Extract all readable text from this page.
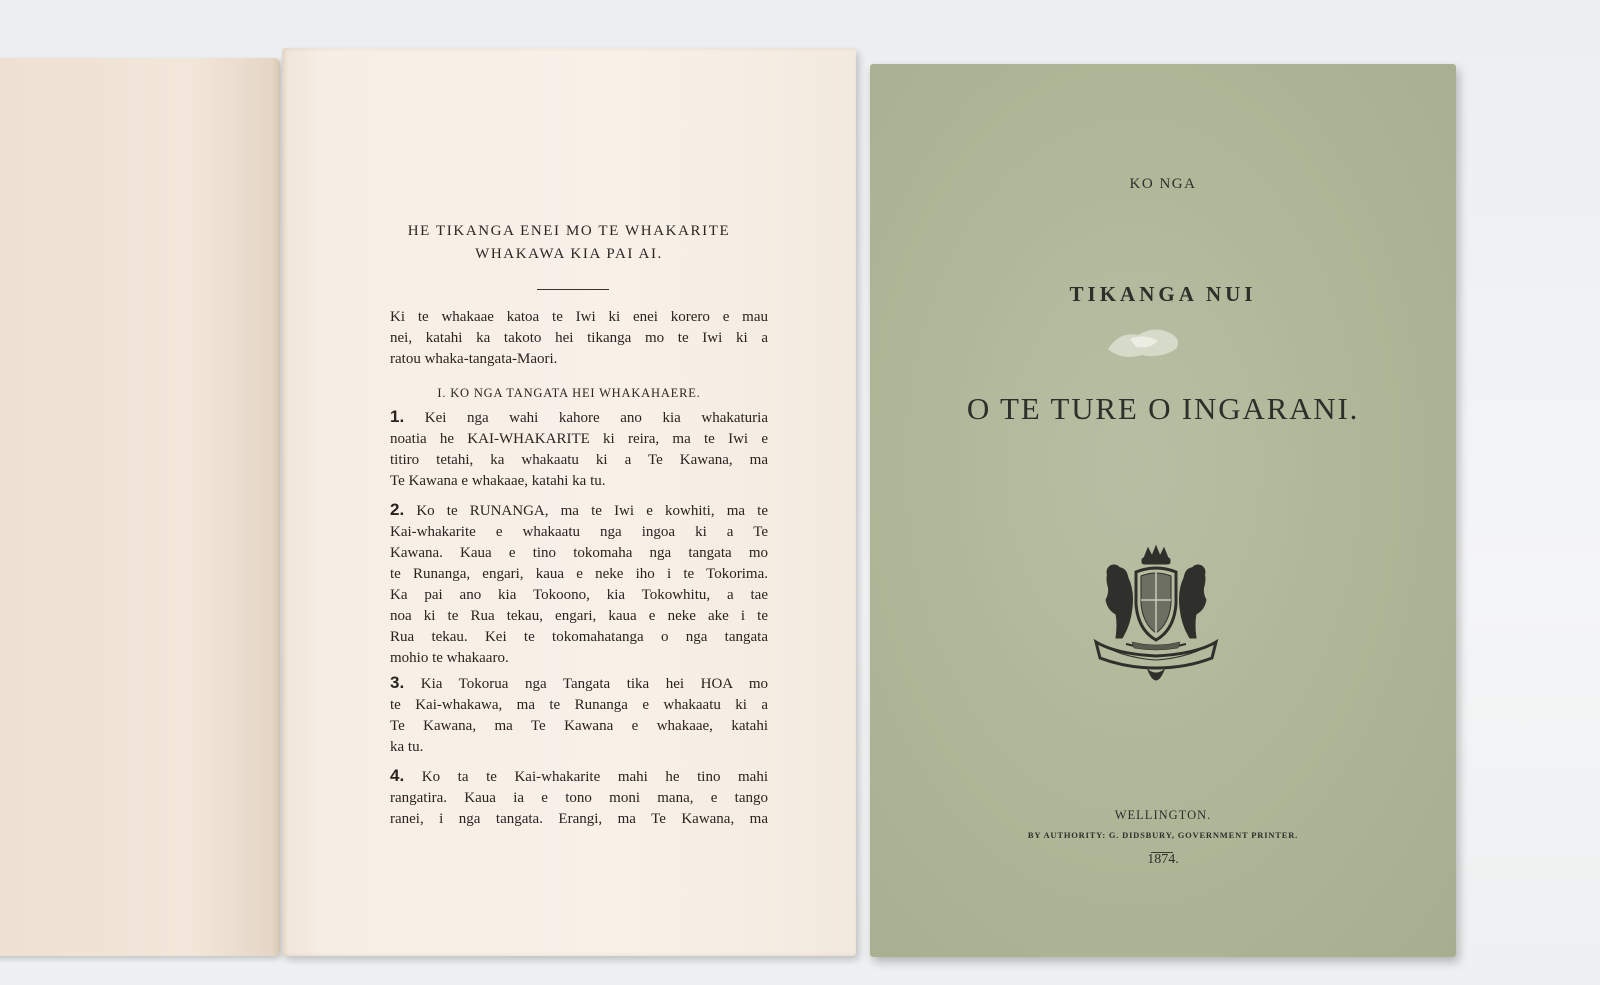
HE TIKANGA ENEI MO TE WHAKARITE
WHAKAWA KIA PAI AI.
Ki te whakaae katoa te Iwi ki enei korero e mau
nei, katahi ka takoto hei tikanga mo te Iwi ki a
ratou whaka-tangata-Maori.
I. KO NGA TANGATA HEI WHAKAHAERE.
1. Kei nga wahi kahore ano kia whakaturia
noatia he KAI-WHAKARITE ki reira, ma te Iwi e
titiro tetahi, ka whakaatu ki a Te Kawana, ma
Te Kawana e whakaae, katahi ka tu.
2. Ko te RUNANGA, ma te Iwi e kowhiti, ma te
Kai-whakarite e whakaatu nga ingoa ki a Te
Kawana. Kaua e tino tokomaha nga tangata mo
te Runanga, engari, kaua e neke iho i te Tokorima.
Ka pai ano kia Tokoono, kia Tokowhitu, a tae
noa ki te Rua tekau, engari, kaua e neke ake i te
Rua tekau. Kei te tokomahatanga o nga tangata
mohio te whakaaro.
3. Kia Tokorua nga Tangata tika hei HOA mo
te Kai-whakawa, ma te Runanga e whakaatu ki a
Te Kawana, ma Te Kawana e whakaae, katahi
ka tu.
4. Ko ta te Kai-whakarite mahi he tino mahi
rangatira. Kaua ia e tono moni mana, e tango
ranei, i nga tangata. Erangi, ma Te Kawana, ma
KO NGA
TIKANGA NUI
O TE TURE O INGARANI.
WELLINGTON.
BY AUTHORITY: G. DIDSBURY, GOVERNMENT PRINTER.
1874.
